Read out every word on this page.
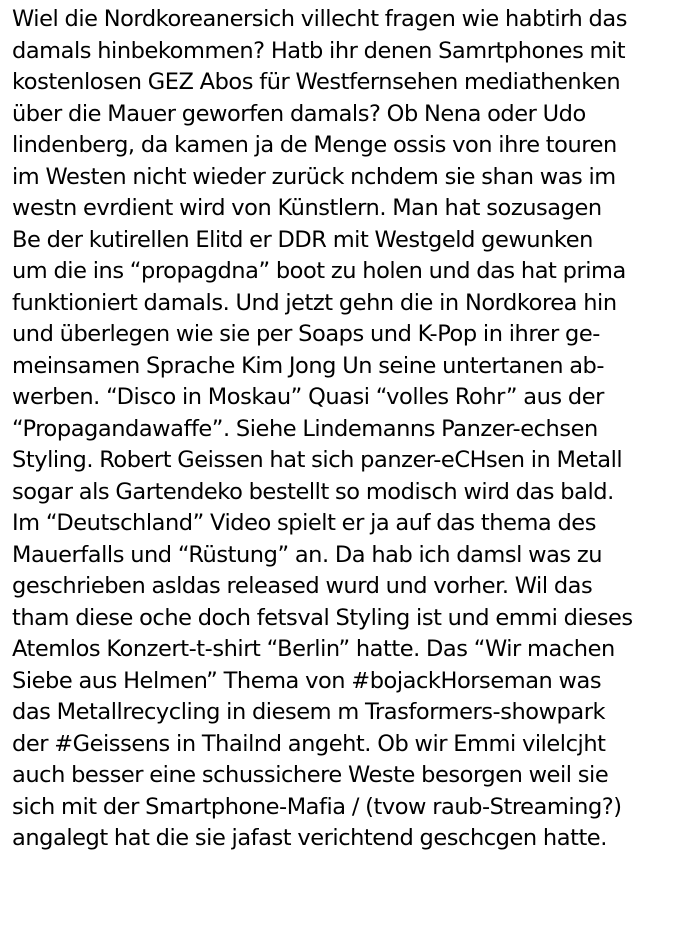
Wiel die Nordkoreanersich villecht fragen wie habtirh das
damals hinbekommen? Hatb ihr denen Samrtphones mit
kostenlosen GEZ Abos für Westfernsehen mediathenken
über die Mauer geworfen damals? Ob Nena oder Udo
lindenberg, da kamen ja de Menge ossis von ihre touren
im Westen nicht wieder zurück nchdem sie shan was im
westn evrdient wird von Künstlern. Man hat sozusagen
Be der kutirellen Elitd er DDR mit Westgeld gewunken
um die ins “propagdna” boot zu holen und das hat prima
funktioniert damals. Und jetzt gehn die in Nordkorea hin
und überlegen wie sie per Soaps und K-Pop in ihrer ge-
meinsamen Sprache Kim Jong Un seine untertanen ab-
werben. “Disco in Moskau” Quasi “volles Rohr” aus der
“Propagandawaffe”. Siehe Lindemanns Panzer-echsen
Styling. Robert Geissen hat sich panzer-eCHsen in Metall
sogar als Gartendeko bestellt so modisch wird das bald.
Im “Deutschland” Video spielt er ja auf das thema des
Mauerfalls und “Rüstung” an. Da hab ich damsl was zu
geschrieben asldas released wurd und vorher. Wil das
tham diese oche doch fetsval Styling ist und emmi dieses
Atemlos Konzert-t-shirt “Berlin” hatte. Das “Wir machen
Siebe aus Helmen” Thema von #bojackHorseman was
das Metallrecycling in diesem m Trasformers-showpark
der #Geissens in Thailnd angeht. Ob wir Emmi vilelcjht
auch besser eine schussichere Weste besorgen weil sie
sich mit der Smartphone-Mafia / (tvow raub-Streaming?)
angalegt hat die sie jafast verichtend geschcgen hatte.
